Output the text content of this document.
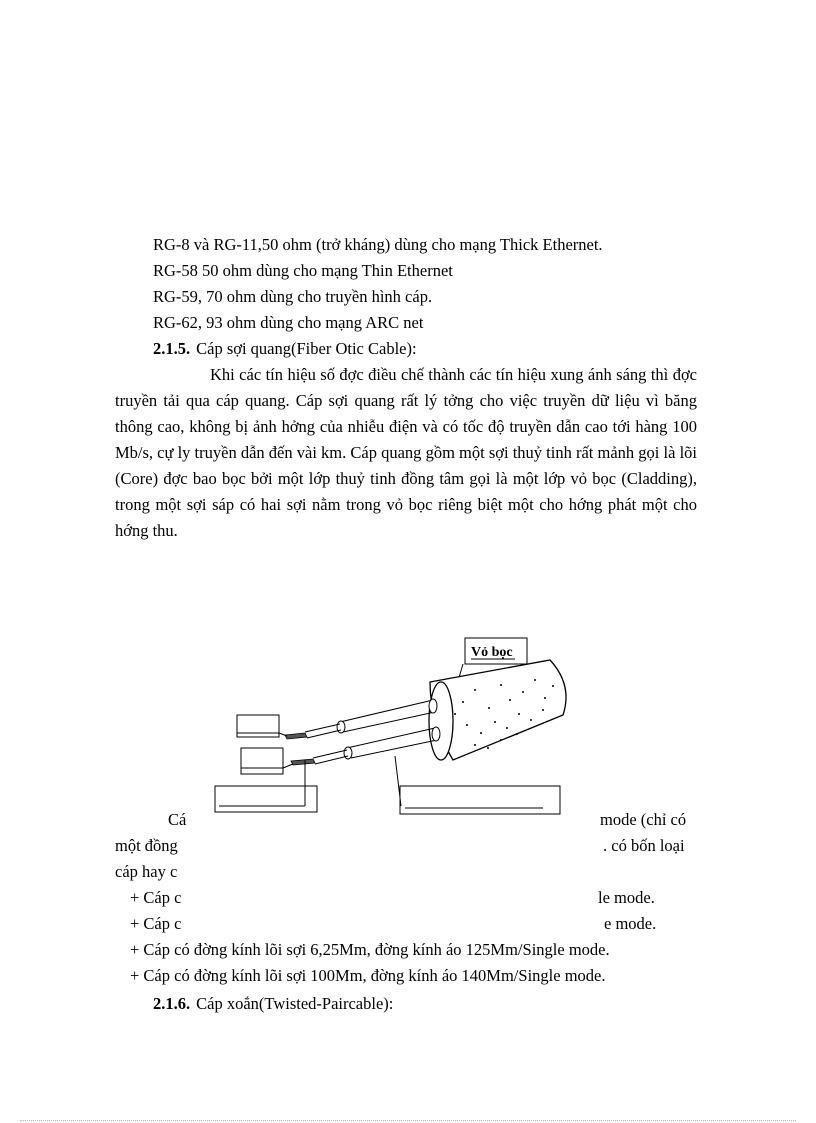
RG-8 và RG-11,50 ohm (trở kháng) dùng cho mạng Thick Ethernet.
RG-58 50 ohm dùng cho mạng Thin Ethernet
RG-59, 70 ohm dùng cho truyền hình cáp.
RG-62, 93 ohm dùng cho mạng ARC net
2.1.5. Cáp sợi quang(Fiber Otic Cable):
Khi các tín hiệu số đợc điều chế thành các tín hiệu xung ánh sáng thì đợc truyền tải qua cáp quang. Cáp sợi quang rất lý tởng cho việc truyền dữ liệu vì băng thông cao, không bị ảnh hởng của nhiễu điện và có tốc độ truyền dẫn cao tới hàng 100 Mb/s, cự ly truyền dẫn đến vài km. Cáp quang gồm một sợi thuỷ tinh rất mảnh gọi là lõi (Core) đợc bao bọc bởi một lớp thuỷ tinh đồng tâm gọi là một lớp vỏ bọc (Cladding), trong một sợi sáp có hai sợi nằm trong vỏ bọc riêng biệt một cho hớng phát một cho hớng thu.
Cá	mode (chỉ có
một đồng	. có bốn loại
cáp hay c
+ Cáp c	le mode.
+ Cáp c	e mode.
Vỏ bọc
+ Cáp có đờng kính lõi sợi 6,25Mm, đờng kính áo 125Mm/Single mode.
+ Cáp có đờng kính lõi sợi 100Mm, đờng kính áo 140Mm/Single mode.
2.1.6. Cáp xoắn(Twisted-Paircable):
